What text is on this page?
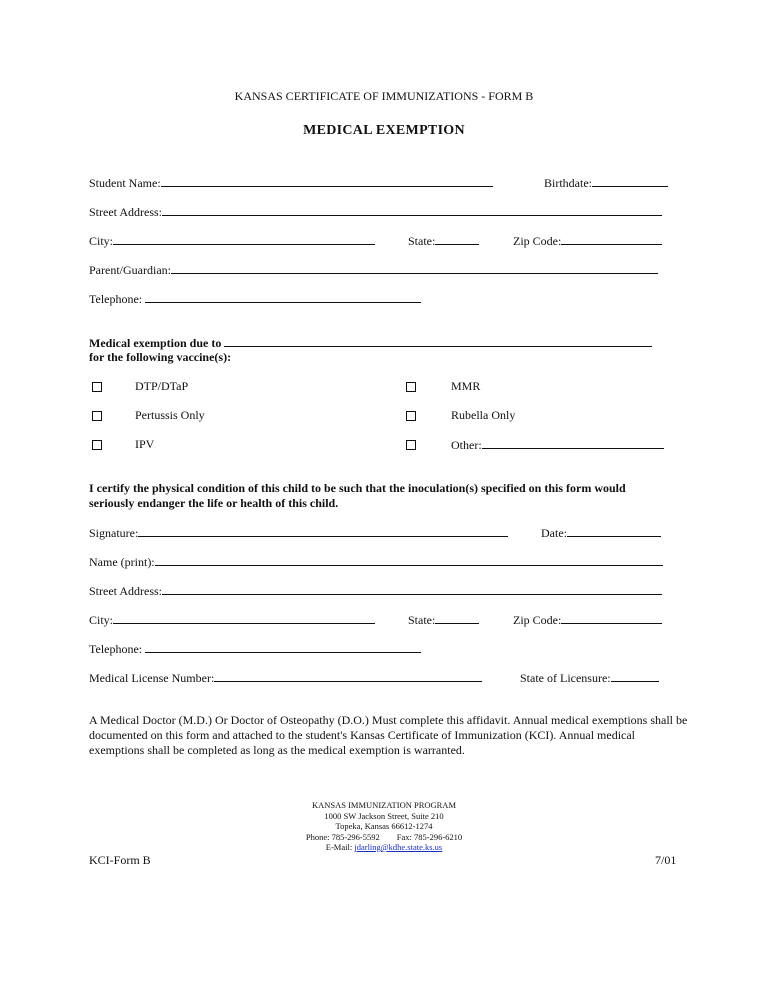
KANSAS CERTIFICATE OF IMMUNIZATIONS - FORM B
MEDICAL EXEMPTION
Student Name:	Birthdate:
Street Address:
City:	State:	Zip Code:
Parent/Guardian:
Telephone:
Medical exemption due to
for the following vaccine(s):
DTP/DTaP	MMR
Pertussis Only	Rubella Only
IPV	Other:
I certify the physical condition of this child to be such that the inoculation(s) specified on this form would
seriously endanger the life or health of this child.
Signature:	Date:
Name (print):
Street Address:
City:	State:	Zip Code:
Telephone:
Medical License Number:	State of Licensure:
A Medical Doctor (M.D.) Or Doctor of Osteopathy (D.O.) Must complete this affidavit. Annual medical exemptions shall be documented on this form and attached to the student's Kansas Certificate of Immunization (KCI). Annual medical exemptions shall be completed as long as the medical exemption is warranted.
KANSAS IMMUNIZATION PROGRAM
1000 SW Jackson Street, Suite 210
Topeka, Kansas 66612-1274
Phone: 785-296-5592 Fax: 785-296-6210
E-Mail: jdarling@kdhe.state.ks.us
KCI-Form B	7/01
